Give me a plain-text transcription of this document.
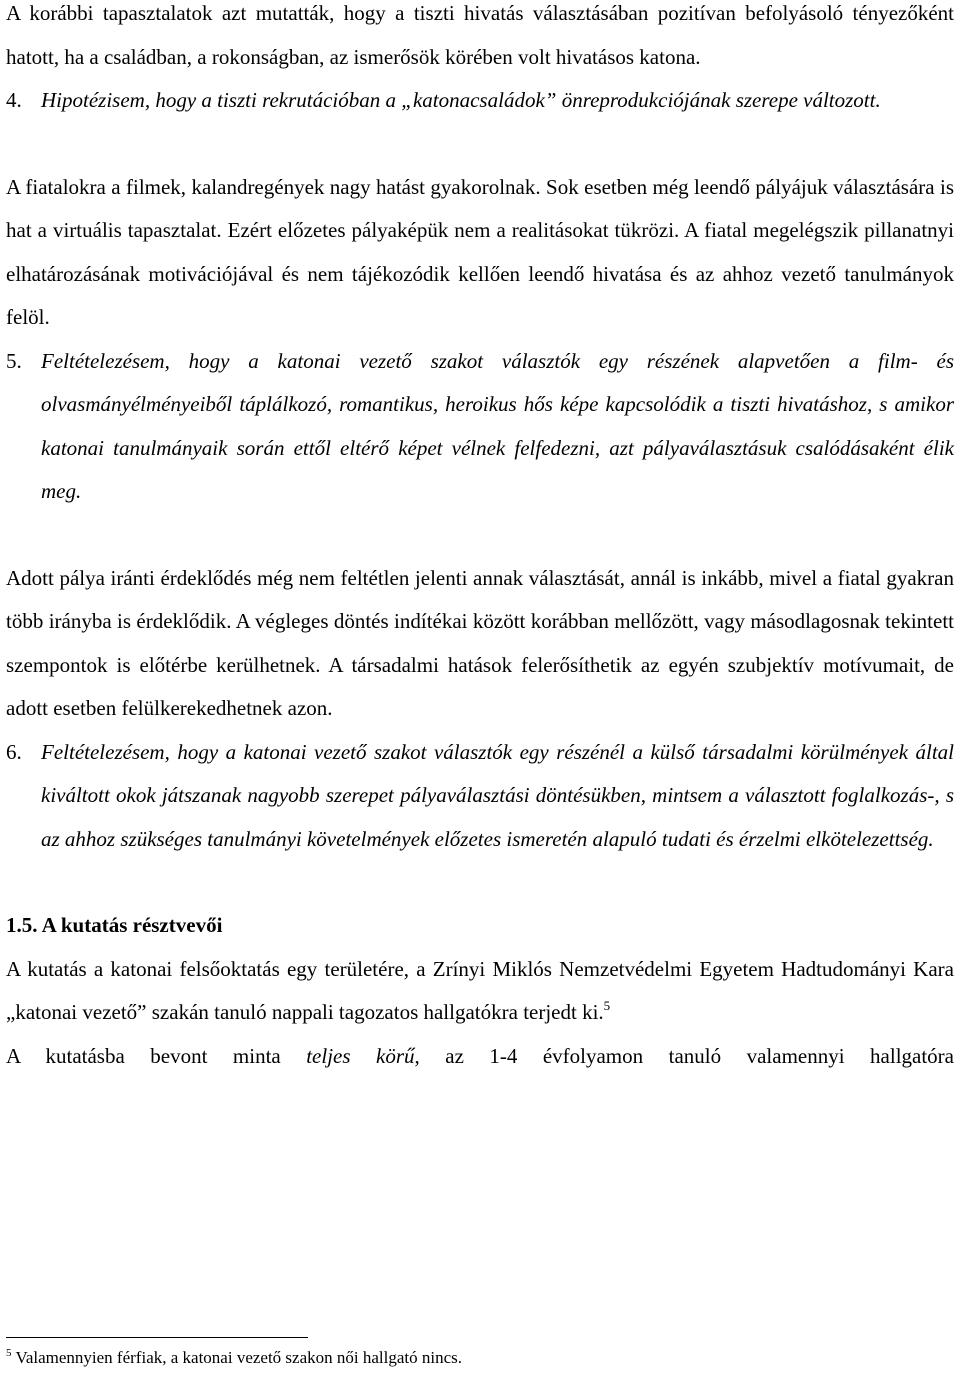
A korábbi tapasztalatok azt mutatták, hogy a tiszti hivatás választásában pozitívan befolyásoló tényezőként hatott, ha a családban, a rokonságban, az ismerősök körében volt hivatásos katona.

4. Hipotézisem, hogy a tiszti rekrutációban a „katonacsaládok” önreprodukciójának szerepe változott.

A fiatalokra a filmek, kalandregények nagy hatást gyakorolnak. Sok esetben még leendő pályájuk választására is hat a virtuális tapasztalat. Ezért előzetes pályaképük nem a realitásokat tükrözi. A fiatal megelégszik pillanatnyi elhatározásának motivációjával és nem tájékozódik kellően leendő hivatása és az ahhoz vezető tanulmányok felöl.

5. Feltételezésem, hogy a katonai vezető szakot választók egy részének alapvetően a film- és olvasmányélményeiből táplálkozó, romantikus, heroikus hős képe kapcsolódik a tiszti hivatáshoz, s amikor katonai tanulmányaik során ettől eltérő képet vélnek felfedezni, azt pályaválasztásuk csalódásaként élik meg.

Adott pálya iránti érdeklődés még nem feltétlen jelenti annak választását, annál is inkább, mivel a fiatal gyakran több irányba is érdeklődik. A végleges döntés indítékai között korábban mellőzött, vagy másodlagosnak tekintett szempontok is előtérbe kerülhetnek. A társadalmi hatások felerősíthetik az egyén szubjektív motívumait, de adott esetben felülkerekedhetnek azon.

6. Feltételezésem, hogy a katonai vezető szakot választók egy részénél a külső társadalmi körülmények által kiváltott okok játszanak nagyobb szerepet pályaválasztási döntésükben, mintsem a választott foglalkozás-, s az ahhoz szükséges tanulmányi követelmények előzetes ismeretén alapuló tudati és érzelmi elkötelezettség.

1.5. A kutatás résztvevői

A kutatás a katonai felsőoktatás egy területére, a Zrínyi Miklós Nemzetvédelmi Egyetem Hadtudományi Kara „katonai vezető” szakán tanuló nappali tagozatos hallgatókra terjedt ki.$^5$

A kutatásba bevont minta teljes körű, az 1-4 évfolyamon tanuló valamennyi hallgatóra

$^5$ Valamennyien férfiak, a katonai vezető szakon női hallgató nincs.
